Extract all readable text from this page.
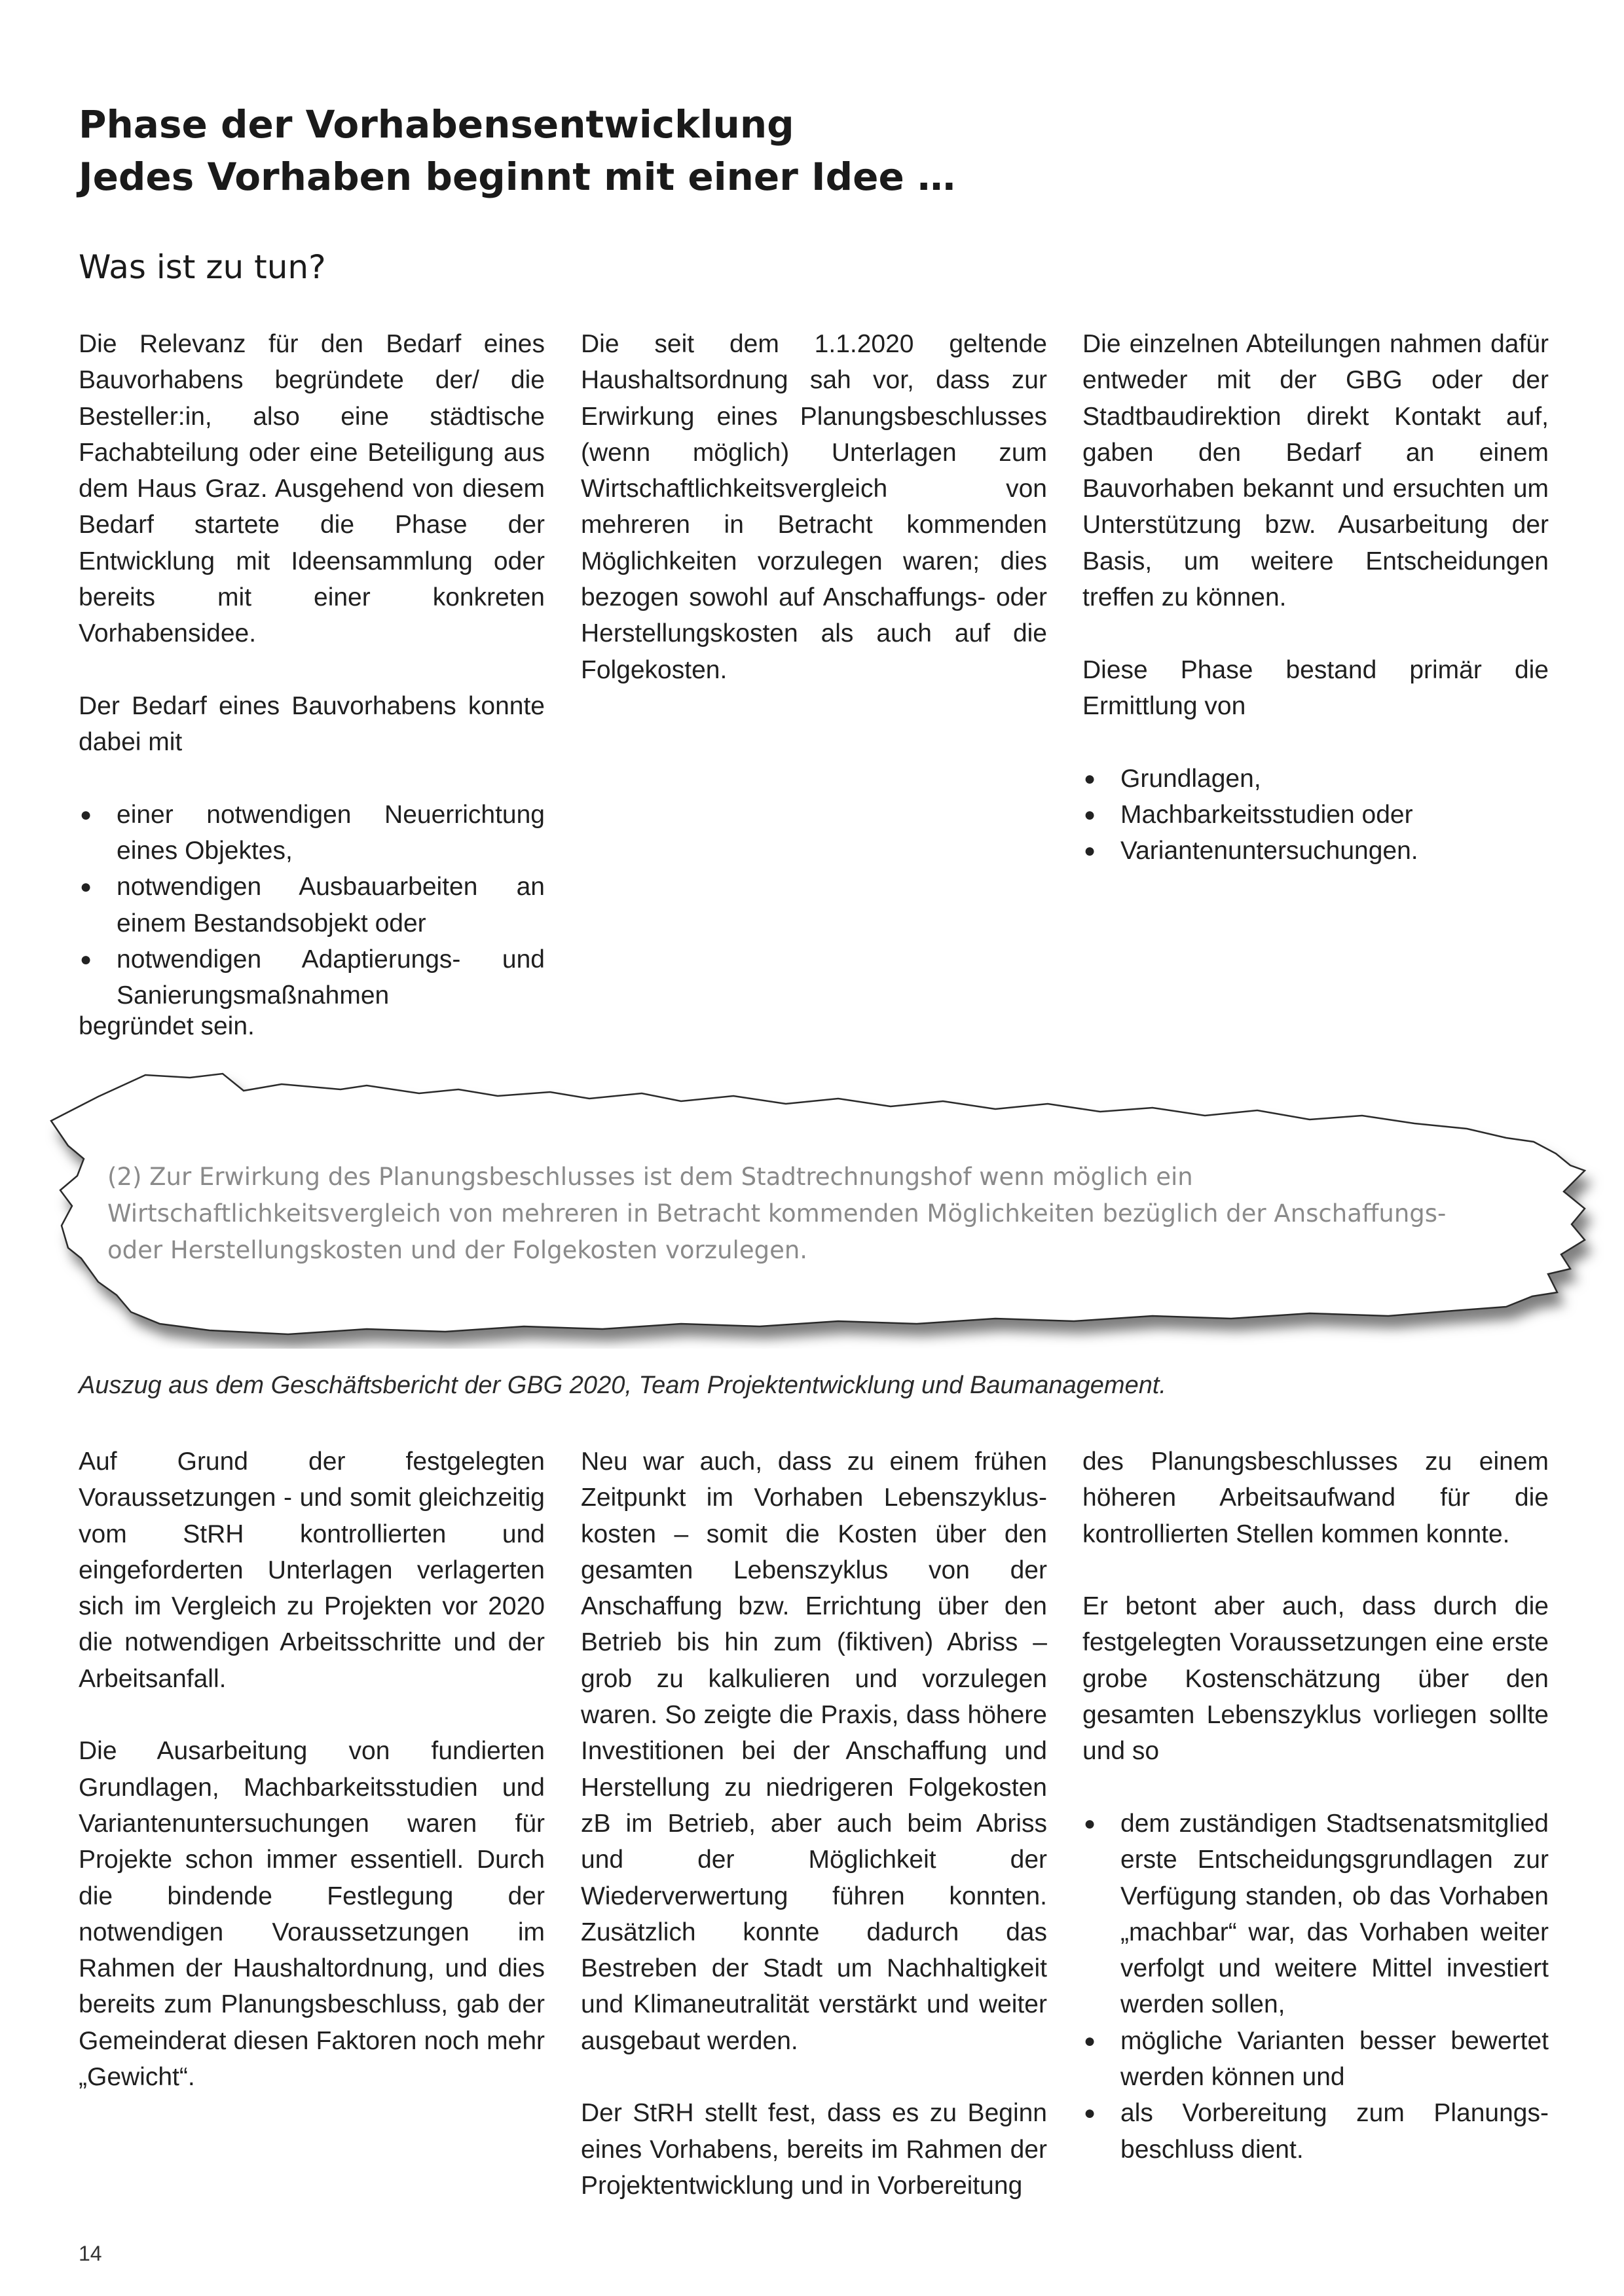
Phase der Vorhabensentwicklung
Jedes Vorhaben beginnt mit einer Idee …
Was ist zu tun?

Die Relevanz für den Bedarf eines Bauvorhabens begründete der/ die Besteller:in, also eine städtische Fachabteilung oder eine Beteiligung aus dem Haus Graz. Ausgehend von diesem Bedarf startete die Phase der Entwicklung mit Ideensammlung oder bereits mit einer konkreten Vorhabensidee.

Der Bedarf eines Bauvorhabens konnte dabei mit

● einer notwendigen Neuerrichtung eines Objektes,
● notwendigen Ausbauarbeiten an einem Bestandsobjekt oder
● notwendigen Adaptierungs- und Sanierungsmaßnahmen

Die seit dem 1.1.2020 geltende Haushaltsordnung sah vor, dass zur Erwirkung eines Planungsbeschlusses (wenn möglich) Unterlagen zum Wirtschaftlichkeitsvergleich von mehreren in Betracht kommenden Möglichkeiten vorzulegen waren; dies bezogen sowohl auf Anschaffungs- oder Herstellungskosten als auch auf die Folgekosten.

Die einzelnen Abteilungen nahmen dafür entweder mit der GBG oder der Stadtbaudirektion direkt Kontakt auf, gaben den Bedarf an einem Bauvorhaben bekannt und ersuchten um Unterstützung bzw. Ausarbeitung der Basis, um weitere Entscheidungen treffen zu können.

Diese Phase bestand primär die Ermittlung von

● Grundlagen,
● Machbarkeitsstudien oder
● Variantenuntersuchungen.

begründet sein.

(2) Zur Erwirkung des Planungsbeschlusses ist dem Stadtrechnungshof wenn möglich ein Wirtschaftlichkeitsvergleich von mehreren in Betracht kommenden Möglichkeiten bezüglich der Anschaffungs- oder Herstellungskosten und der Folgekosten vorzulegen.

Auszug aus dem Geschäftsbericht der GBG 2020, Team Projektentwicklung und Baumanagement.

Auf Grund der festgelegten Voraussetzungen - und somit gleichzeitig vom StRH kontrollierten und eingeforderten Unterlagen verlagerten sich im Vergleich zu Projekten vor 2020 die notwendigen Arbeitsschritte und der Arbeitsanfall.

Die Ausarbeitung von fundierten Grundlagen, Machbarkeitsstudien und Variantenuntersuchungen waren für Projekte schon immer essentiell. Durch die bindende Festlegung der notwendigen Voraussetzungen im Rahmen der Haushaltordnung, und dies bereits zum Planungsbeschluss, gab der Gemeinderat diesen Faktoren noch mehr „Gewicht“.

Neu war auch, dass zu einem frühen Zeitpunkt im Vorhaben Lebenszykluskosten – somit die Kosten über den gesamten Lebenszyklus von der Anschaffung bzw. Errichtung über den Betrieb bis hin zum (fiktiven) Abriss – grob zu kalkulieren und vorzulegen waren. So zeigte die Praxis, dass höhere Investitionen bei der Anschaffung und Herstellung zu niedrigeren Folgekosten zB im Betrieb, aber auch beim Abriss und der Möglichkeit der Wiederverwertung führen konnten. Zusätzlich konnte dadurch das Bestreben der Stadt um Nachhaltigkeit und Klimaneutralität verstärkt und weiter ausgebaut werden.

Der StRH stellt fest, dass es zu Beginn eines Vorhabens, bereits im Rahmen der Projektentwicklung und in Vorbereitung

des Planungsbeschlusses zu einem höheren Arbeitsaufwand für die kontrollierten Stellen kommen konnte.

Er betont aber auch, dass durch die festgelegten Voraussetzungen eine erste grobe Kostenschätzung über den gesamten Lebenszyklus vorliegen sollte und so

● dem zuständigen Stadtsenatsmitglied erste Entscheidungsgrundlagen zur Verfügung standen, ob das Vorhaben „machbar“ war, das Vorhaben weiter verfolgt und weitere Mittel investiert werden sollen,
● mögliche Varianten besser bewertet werden können und
● als Vorbereitung zum Planungsbeschluss dient.
14
